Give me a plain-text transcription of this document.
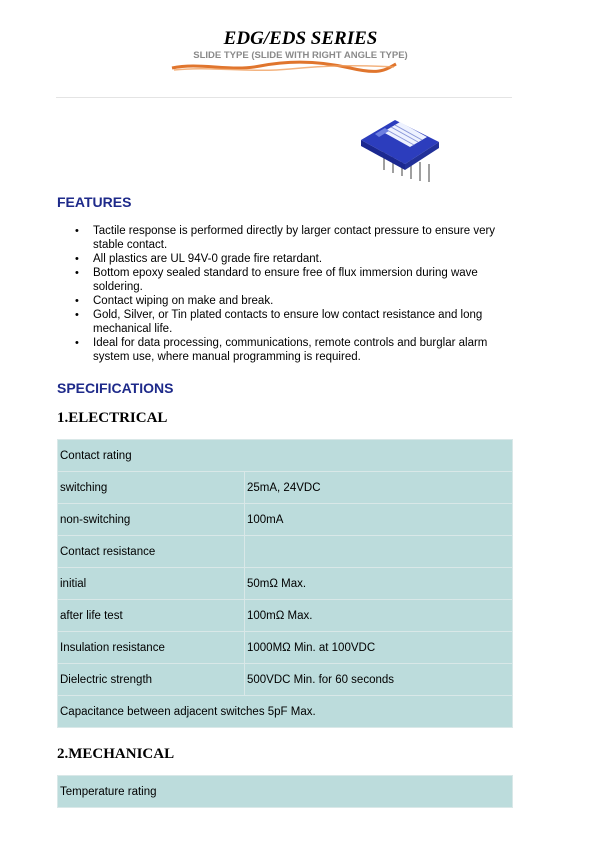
EDG/EDS SERIES
SLIDE TYPE (SLIDE WITH RIGHT ANGLE TYPE)
FEATURES
• Tactile response is performed directly by larger contact pressure to ensure very stable contact.
• All plastics are UL 94V-0 grade fire retardant.
• Bottom epoxy sealed standard to ensure free of flux immersion during wave soldering.
• Contact wiping on make and break.
• Gold, Silver, or Tin plated contacts to ensure low contact resistance and long mechanical life.
• Ideal for data processing, communications, remote controls and burglar alarm system use, where manual programming is required.
SPECIFICATIONS
1.ELECTRICAL
Contact rating	
switching	25mA, 24VDC
non-switching	100mA
Contact resistance	
initial	50mΩ Max.
after life test	100mΩ Max.
Insulation resistance	1000MΩ Min. at 100VDC
Dielectric strength	500VDC Min. for 60 seconds
Capacitance between adjacent switches 5pF Max.	
2.MECHANICAL
Temperature rating
